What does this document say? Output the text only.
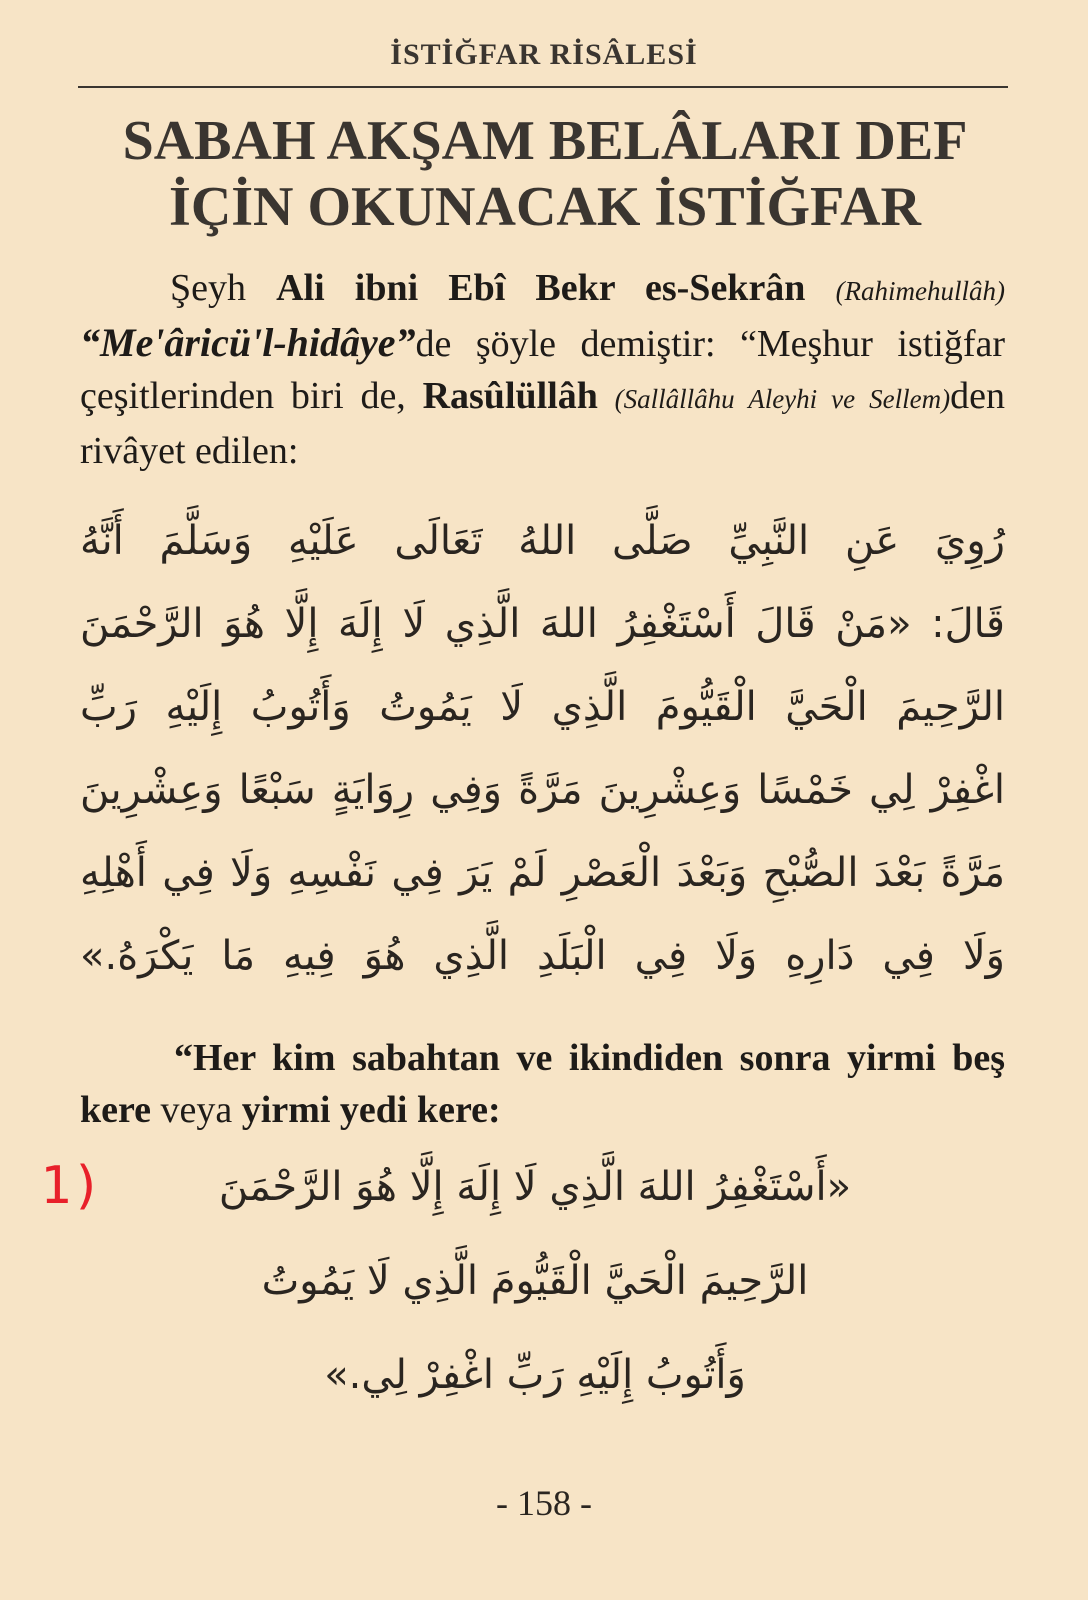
İSTİĞFAR RİSÂLESİ
SABAH AKŞAM BELÂLARI DEF
İÇİN OKUNACAK İSTİĞFAR
Şeyh Ali ibni Ebî Bekr es-Sekrân (Rahimehullâh) “Me'âricü'l-hidâye”de şöyle demiştir: “Meşhur istiğfar çeşitlerinden biri de, Rasûlüllâh (Sallâllâhu Aleyhi ve Sellem)den rivâyet edilen:
رُوِيَ عَنِ النَّبِيِّ صَلَّى اللهُ تَعَالَى عَلَيْهِ وَسَلَّمَ أَنَّهُ
قَالَ: «مَنْ قَالَ أَسْتَغْفِرُ اللهَ الَّذِي لَا إِلَهَ إِلَّا هُوَ الرَّحْمَنَ
الرَّحِيمَ الْحَيَّ الْقَيُّومَ الَّذِي لَا يَمُوتُ وَأَتُوبُ إِلَيْهِ رَبِّ
اغْفِرْ لِي خَمْسًا وَعِشْرِينَ مَرَّةً وَفِي رِوَايَةٍ سَبْعًا وَعِشْرِينَ
مَرَّةً بَعْدَ الصُّبْحِ وَبَعْدَ الْعَصْرِ لَمْ يَرَ فِي نَفْسِهِ وَلَا فِي أَهْلِهِ
وَلَا فِي دَارِهِ وَلَا فِي الْبَلَدِ الَّذِي هُوَ فِيهِ مَا يَكْرَهُ.»
“Her kim sabahtan ve ikindiden sonra yirmi beş kere veya yirmi yedi kere:
1)	«أَسْتَغْفِرُ اللهَ الَّذِي لَا إِلَهَ إِلَّا هُوَ الرَّحْمَنَ
الرَّحِيمَ الْحَيَّ الْقَيُّومَ الَّذِي لَا يَمُوتُ
وَأَتُوبُ إِلَيْهِ رَبِّ اغْفِرْ لِي.»
- 158 -
